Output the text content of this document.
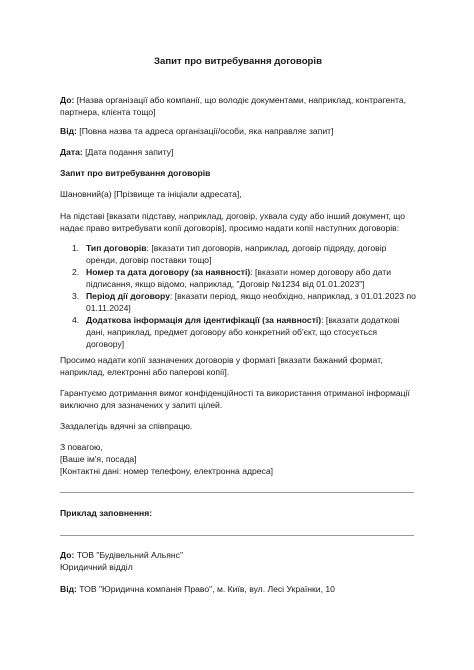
Запит про витребування договорів
До: [Назва організації або компанії, що володіє документами, наприклад, контрагента, партнера, клієнта тощо]
Від: [Повна назва та адреса організації/особи, яка направляє запит]
Дата: [Дата подання запиту]
Запит про витребування договорів
Шановний(а) [Прізвище та ініціали адресата],
На підставі [вказати підставу, наприклад, договір, ухвала суду або інший документ, що надає право витребувати копії договорів], просимо надати копії наступних договорів:
1. Тип договорів: [вказати тип договорів, наприклад, договір підряду, договір оренди, договір поставки тощо]
2. Номер та дата договору (за наявності): [вказати номер договору або дати підписання, якщо відомо, наприклад, "Договір №1234 від 01.01.2023"]
3. Період дії договору: [вказати період, якщо необхідно, наприклад, з 01.01.2023 по 01.11.2024]
4. Додаткова інформація для ідентифікації (за наявності): [вказати додаткові дані, наприклад, предмет договору або конкретний об'єкт, що стосується договору]
Просимо надати копії зазначених договорів у форматі [вказати бажаний формат, наприклад, електронні або паперові копії].
Гарантуємо дотримання вимог конфіденційності та використання отриманої інформації виключно для зазначених у запиті цілей.
Заздалегідь вдячні за співпрацю.
З повагою,
[Ваше ім'я, посада]
[Контактні дані: номер телефону, електронна адреса]
Приклад заповнення:
До: ТОВ "Будівельний Альянс"
Юридичний відділ
Від: ТОВ "Юридична компанія Право", м. Київ, вул. Лесі Українки, 10
